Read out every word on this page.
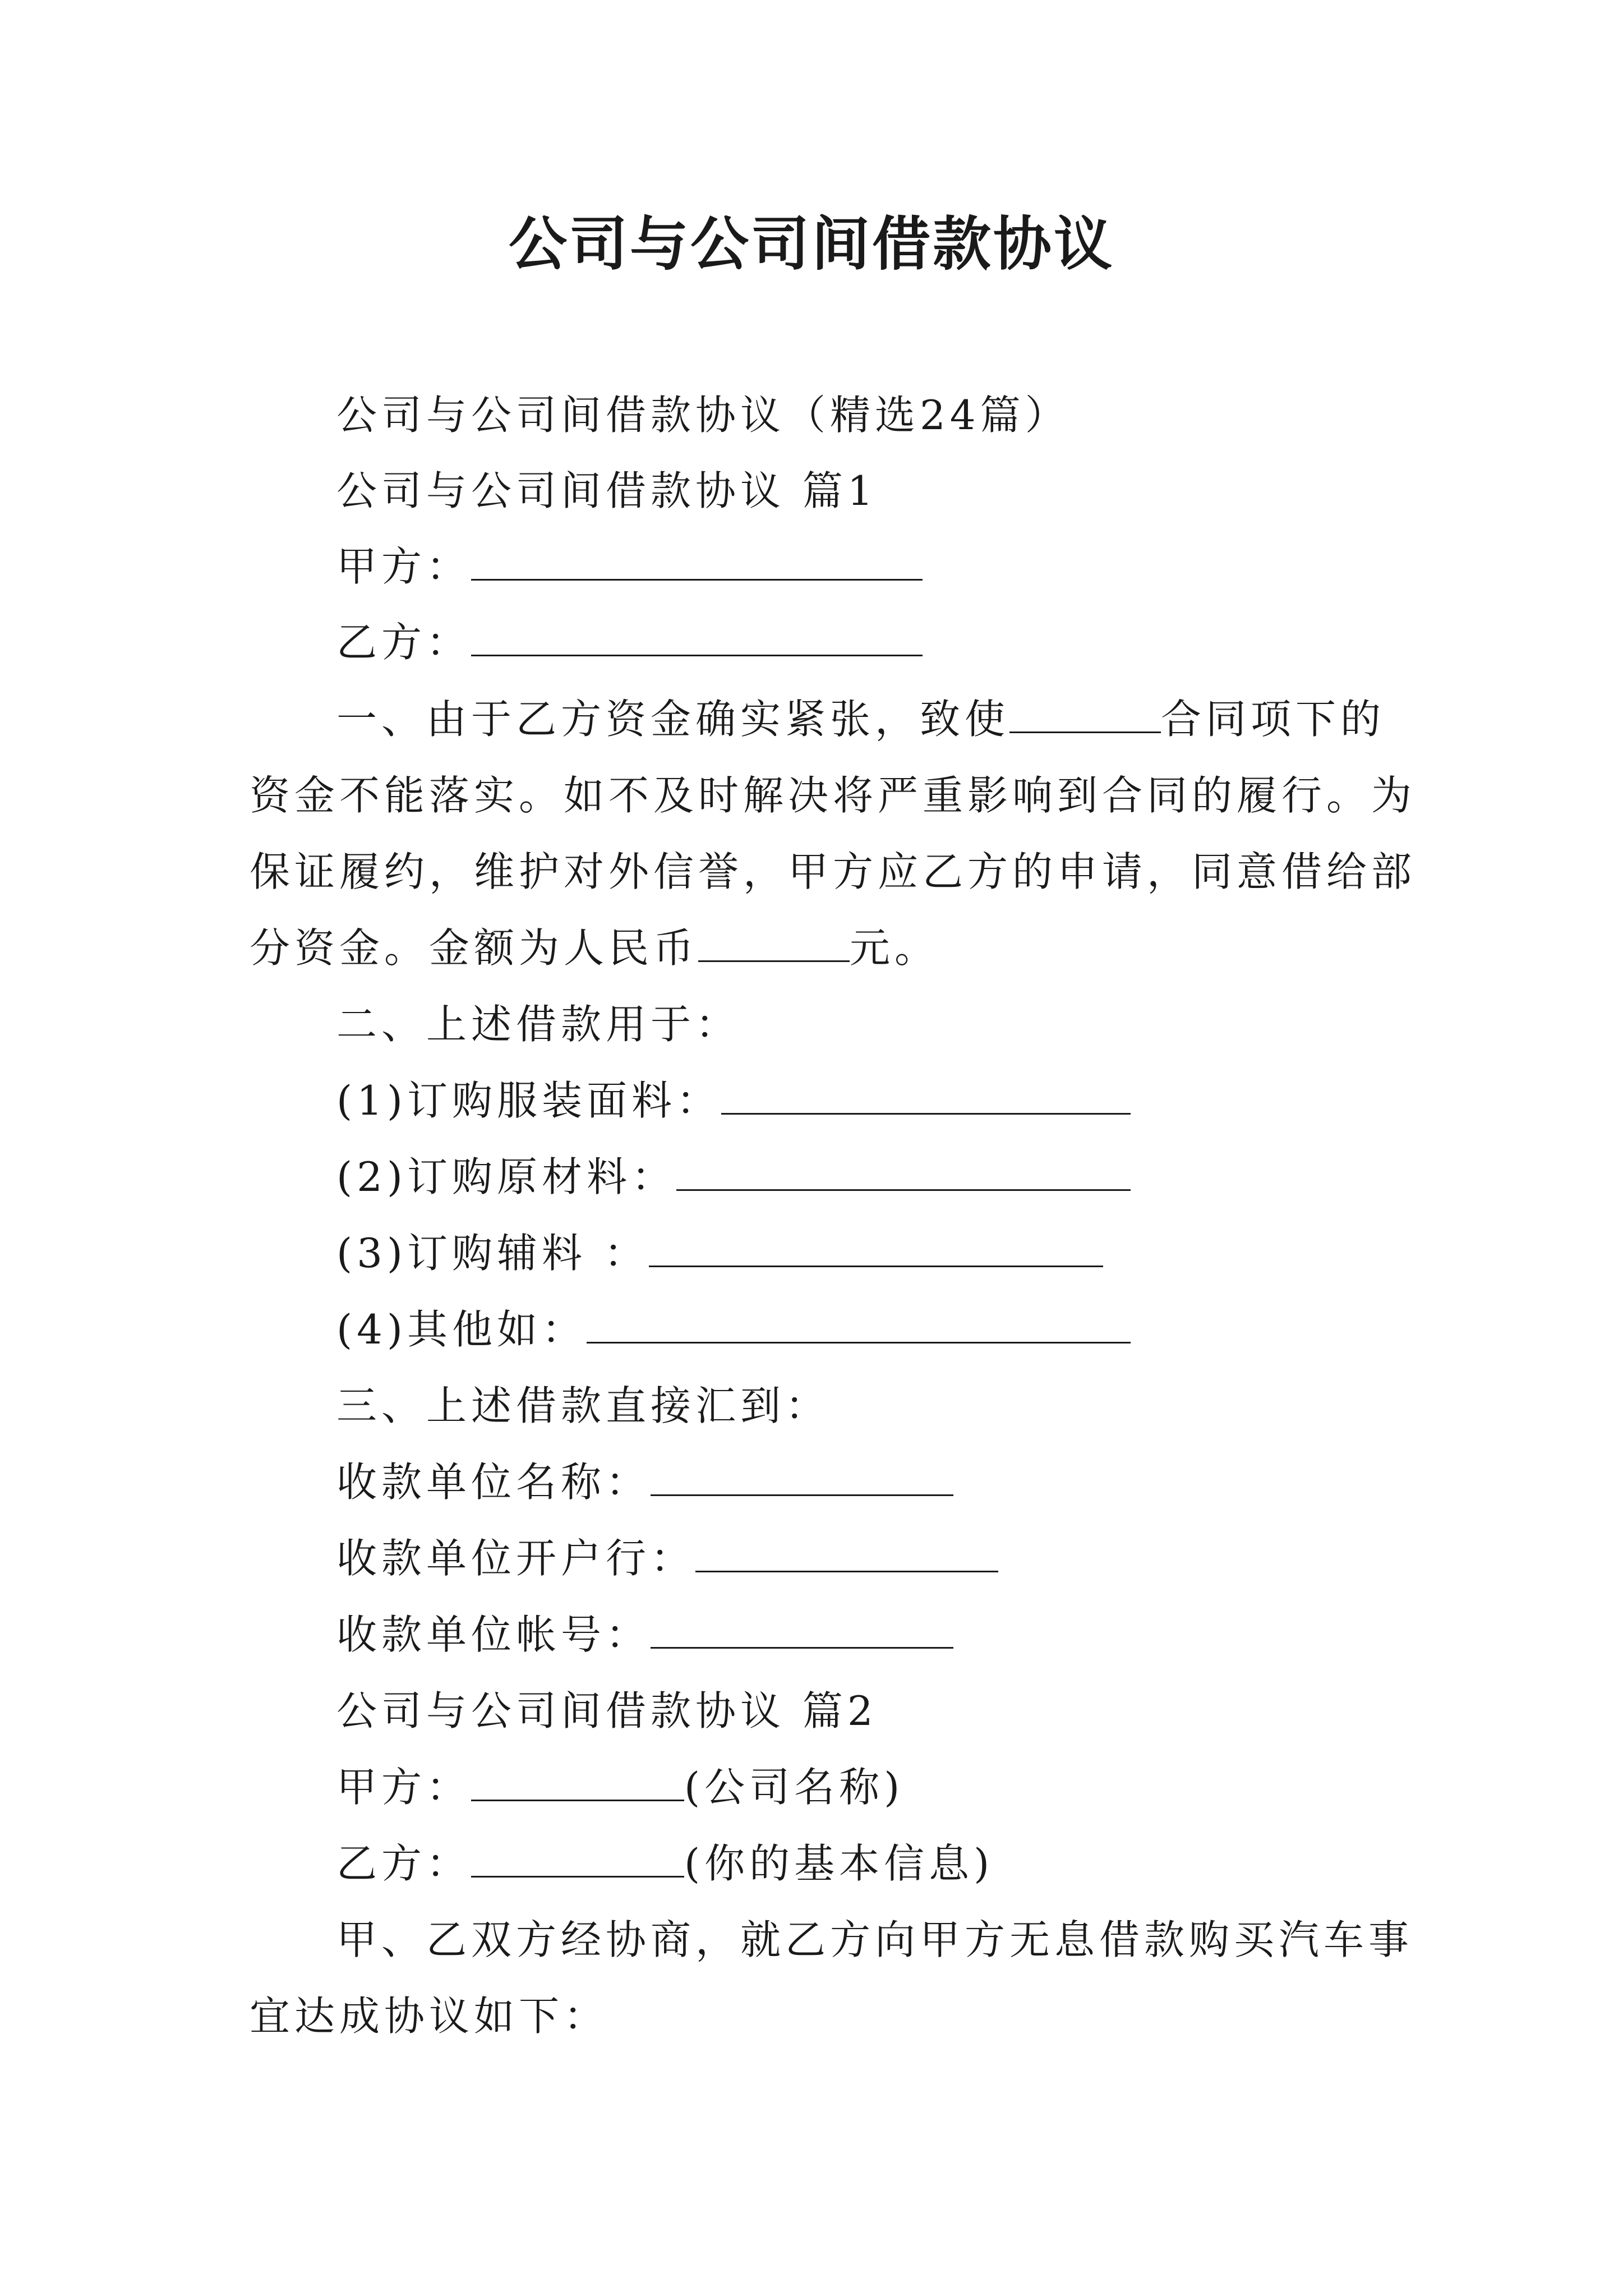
公司与公司间借款协议
公司与公司间借款协议（精选24篇）
公司与公司间借款协议 篇1
甲方：
乙方：
一、由于乙方资金确实紧张，致使	合同项下的
资金不能落实。如不及时解决将严重影响到合同的履行。为
保证履约，维护对外信誉，甲方应乙方的申请，同意借给部
分资金。金额为人民币	元。
二、上述借款用于：
(1)订购服装面料：
(2)订购原材料：
(3)订购辅料 ：
(4)其他如：
三、上述借款直接汇到：
收款单位名称：
收款单位开户行：
收款单位帐号：
公司与公司间借款协议 篇2
甲方：	(公司名称)
乙方：	(你的基本信息)
甲、乙双方经协商，就乙方向甲方无息借款购买汽车事
宜达成协议如下：
